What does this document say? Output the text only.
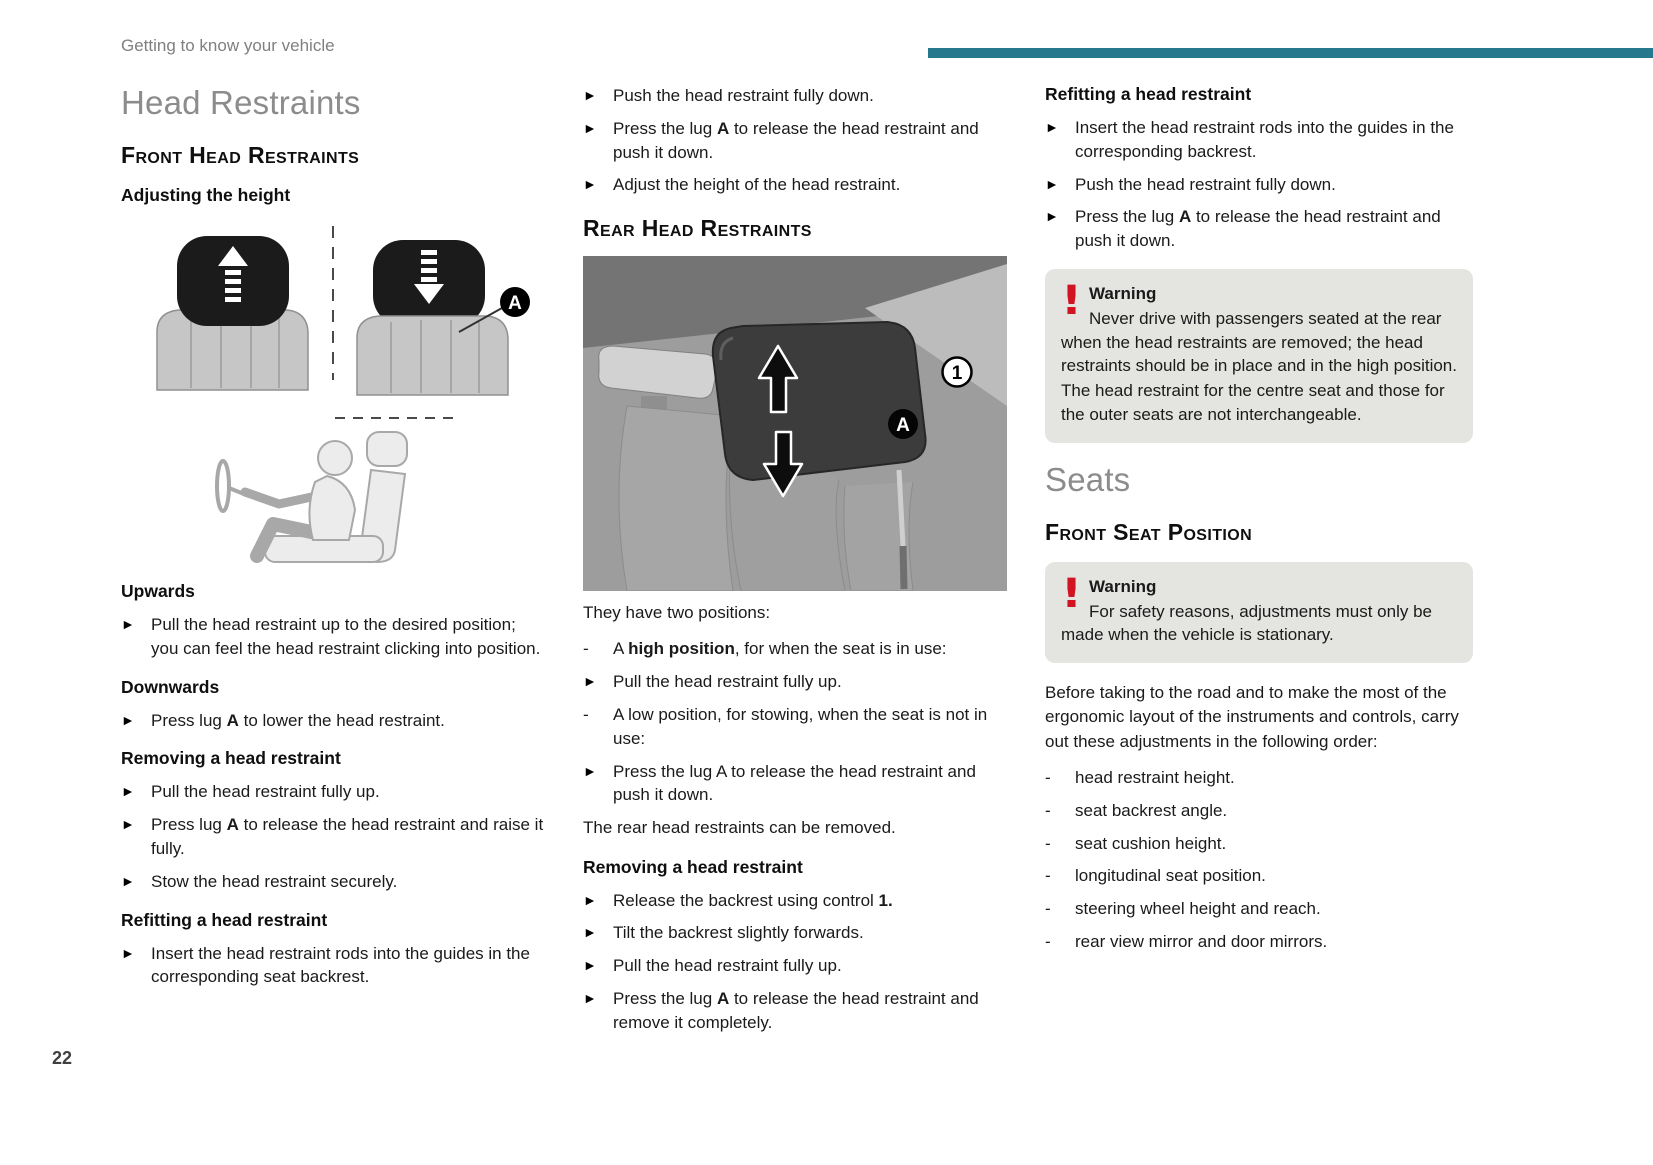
Getting to know your vehicle
Head Restraints
Front Head Restraints
Adjusting the height
A
Upwards
► Pull the head restraint up to the desired position; you can feel the head restraint clicking into position.
Downwards
► Press lug A to lower the head restraint.
Removing a head restraint
► Pull the head restraint fully up.
► Press lug A to release the head restraint and raise it fully.
► Stow the head restraint securely.
Refitting a head restraint
► Insert the head restraint rods into the guides in the corresponding seat backrest.
► Push the head restraint fully down.
► Press the lug A to release the head restraint and push it down.
► Adjust the height of the head restraint.
Rear Head Restraints
A
1

They have two positions:

-	A high position, for when the seat is in use:
► Pull the head restraint fully up.
-	A low position, for stowing, when the seat is not in use:
► Press the lug A to release the head restraint and push it down.

The rear head restraints can be removed.

Removing a head restraint
► Release the backrest using control 1.
► Tilt the backrest slightly forwards.
► Pull the head restraint fully up.
► Press the lug A to release the head restraint and remove it completely.
Refitting a head restraint
► Insert the head restraint rods into the guides in the corresponding backrest.
► Push the head restraint fully down.
► Press the lug A to release the head restraint and push it down.
! Warning
Never drive with passengers seated at the rear when the head restraints are removed; the head restraints should be in place and in the high position.
The head restraint for the centre seat and those for the outer seats are not interchangeable.
Seats
Front Seat Position
! Warning
For safety reasons, adjustments must only be made when the vehicle is stationary.

Before taking to the road and to make the most of the ergonomic layout of the instruments and controls, carry out these adjustments in the following order:

-	head restraint height.
-	seat backrest angle.
-	seat cushion height.
-	longitudinal seat position.
-	steering wheel height and reach.
-	rear view mirror and door mirrors.
22
